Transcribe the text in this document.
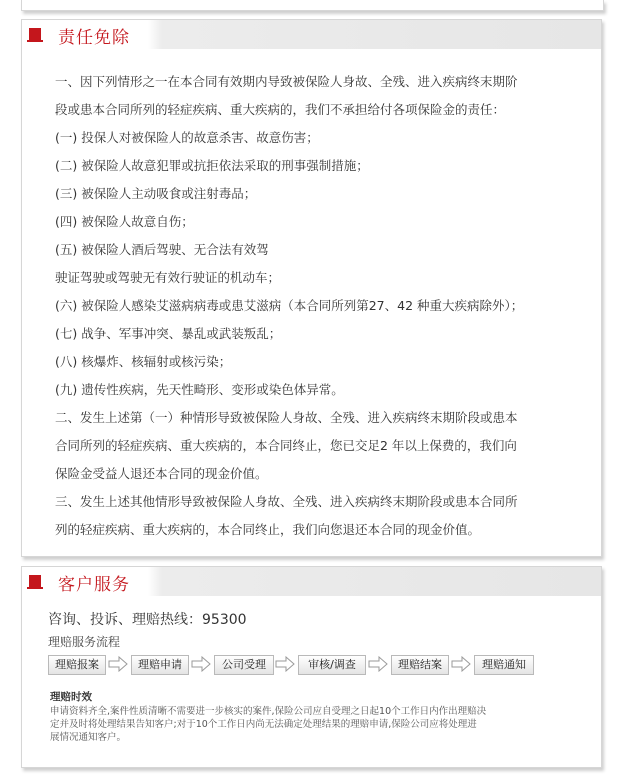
责任免除

一、因下列情形之一在本合同有效期内导致被保险人身故、全残、进入疾病终末期阶

段或患本合同所列的轻症疾病、重大疾病的，我们不承担给付各项保险金的责任：

(一) 投保人对被保险人的故意杀害、故意伤害；

(二) 被保险人故意犯罪或抗拒依法采取的刑事强制措施；

(三) 被保险人主动吸食或注射毒品；

(四) 被保险人故意自伤；

(五) 被保险人酒后驾驶、无合法有效驾

驶证驾驶或驾驶无有效行驶证的机动车；

(六) 被保险人感染艾滋病病毒或患艾滋病（本合同所列第27、42 种重大疾病除外）；

(七) 战争、军事冲突、暴乱或武装叛乱；

(八) 核爆炸、核辐射或核污染；

(九) 遗传性疾病，先天性畸形、变形或染色体异常。

二、发生上述第（一）种情形导致被保险人身故、全残、进入疾病终末期阶段或患本

合同所列的轻症疾病、重大疾病的，本合同终止，您已交足2 年以上保费的，我们向

保险金受益人退还本合同的现金价值。

三、发生上述其他情形导致被保险人身故、全残、进入疾病终末期阶段或患本合同所

列的轻症疾病、重大疾病的，本合同终止，我们向您退还本合同的现金价值。

客户服务
咨询、投诉、理赔热线：95300
理赔服务流程
理赔报案	理赔申请	公司受理	审核/调查	理赔结案	理赔通知
理赔时效
申请资料齐全,案件性质清晰不需要进一步核实的案件,保险公司应自受理之日起10个工作日内作出理赔决
定并及时将处理结果告知客户;对于10个工作日内尚无法确定处理结果的理赔申请,保险公司应将处理进
展情况通知客户。
